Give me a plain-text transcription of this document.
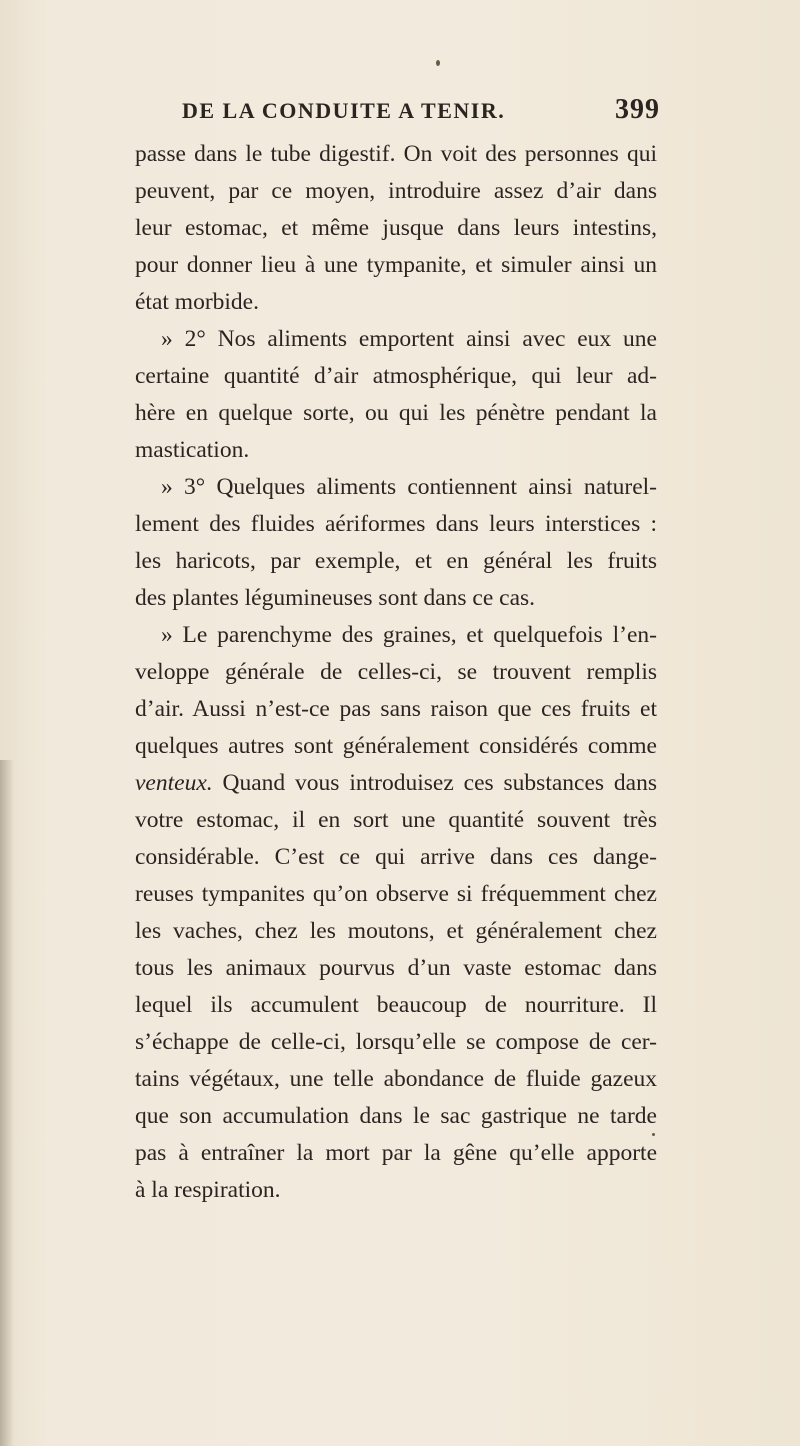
DE LA CONDUITE A TENIR.	399
passe dans le tube digestif. On voit des personnes qui
peuvent, par ce moyen, introduire assez d’air dans
leur estomac, et même jusque dans leurs intestins,
pour donner lieu à une tympanite, et simuler ainsi un
état morbide.
» 2° Nos aliments emportent ainsi avec eux une
certaine quantité d’air atmosphérique, qui leur ad-
hère en quelque sorte, ou qui les pénètre pendant la
mastication.
» 3° Quelques aliments contiennent ainsi naturel-
lement des fluides aériformes dans leurs interstices :
les haricots, par exemple, et en général les fruits
des plantes légumineuses sont dans ce cas.
» Le parenchyme des graines, et quelquefois l’en-
veloppe générale de celles-ci, se trouvent remplis
d’air. Aussi n’est-ce pas sans raison que ces fruits et
quelques autres sont généralement considérés comme
venteux. Quand vous introduisez ces substances dans
votre estomac, il en sort une quantité souvent très
considérable. C’est ce qui arrive dans ces dange-
reuses tympanites qu’on observe si fréquemment chez
les vaches, chez les moutons, et généralement chez
tous les animaux pourvus d’un vaste estomac dans
lequel ils accumulent beaucoup de nourriture. Il
s’échappe de celle-ci, lorsqu’elle se compose de cer-
tains végétaux, une telle abondance de fluide gazeux
que son accumulation dans le sac gastrique ne tarde
pas à entraîner la mort par la gêne qu’elle apporte
à la respiration.
